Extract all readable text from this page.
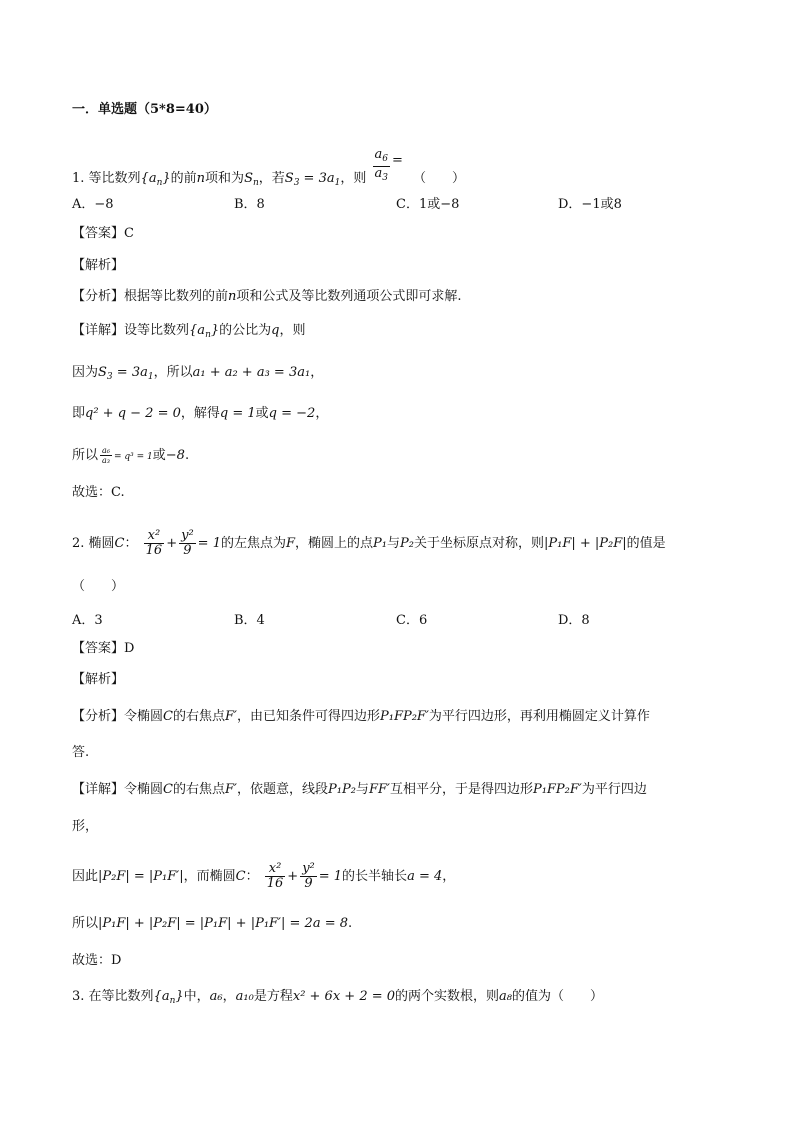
一．单选题（5*8=40）
1. 等比数列$\{a_n\}$的前n项和为$S_n$，若$S_3 = 3a_1$，则 $\frac{a_6}{a_3}$ = （　　）
A．−8	B．8	C．1或−8	D．−1或8
【答案】C
【解析】
【分析】根据等比数列的前n项和公式及等比数列通项公式即可求解.
【详解】设等比数列$\{a_n\}$的公比为q，则
因为$S_3 = 3a_1$，所以a₁ + a₂ + a₃ = 3a₁，
即q² + q − 2 = 0，解得q = 1或q = −2，
所以 $\frac{\text{a₆}}{\text{a₃}} = q^3 = 1$或−8.
故选：C.
2. 椭圆C： $\frac{\text{x²}}{16} + \frac{\text{y²}}{9} = 1$的左焦点为F，椭圆上的点P₁与P₂关于坐标原点对称，则|P₁F| + |P₂F|的值是
（　　）
A．3	B．4	C．6	D．8
【答案】D
【解析】
【分析】令椭圆C的右焦点F′，由已知条件可得四边形P₁FP₂F′为平行四边形，再利用椭圆定义计算作
答.
【详解】令椭圆C的右焦点F′，依题意，线段P₁P₂与FF′互相平分，于是得四边形P₁FP₂F′为平行四边
形，
因此|P₂F| = |P₁F′|，而椭圆C： $\frac{\text{x²}}{16} + \frac{\text{y²}}{9} = 1$的长半轴长a = 4，
所以|P₁F| + |P₂F| = |P₁F| + |P₁F′| = 2a = 8.
故选：D
3. 在等比数列$\{a_n\}$中，a₆，a₁₀是方程x² + 6x + 2 = 0的两个实数根，则a₈的值为（　　）
